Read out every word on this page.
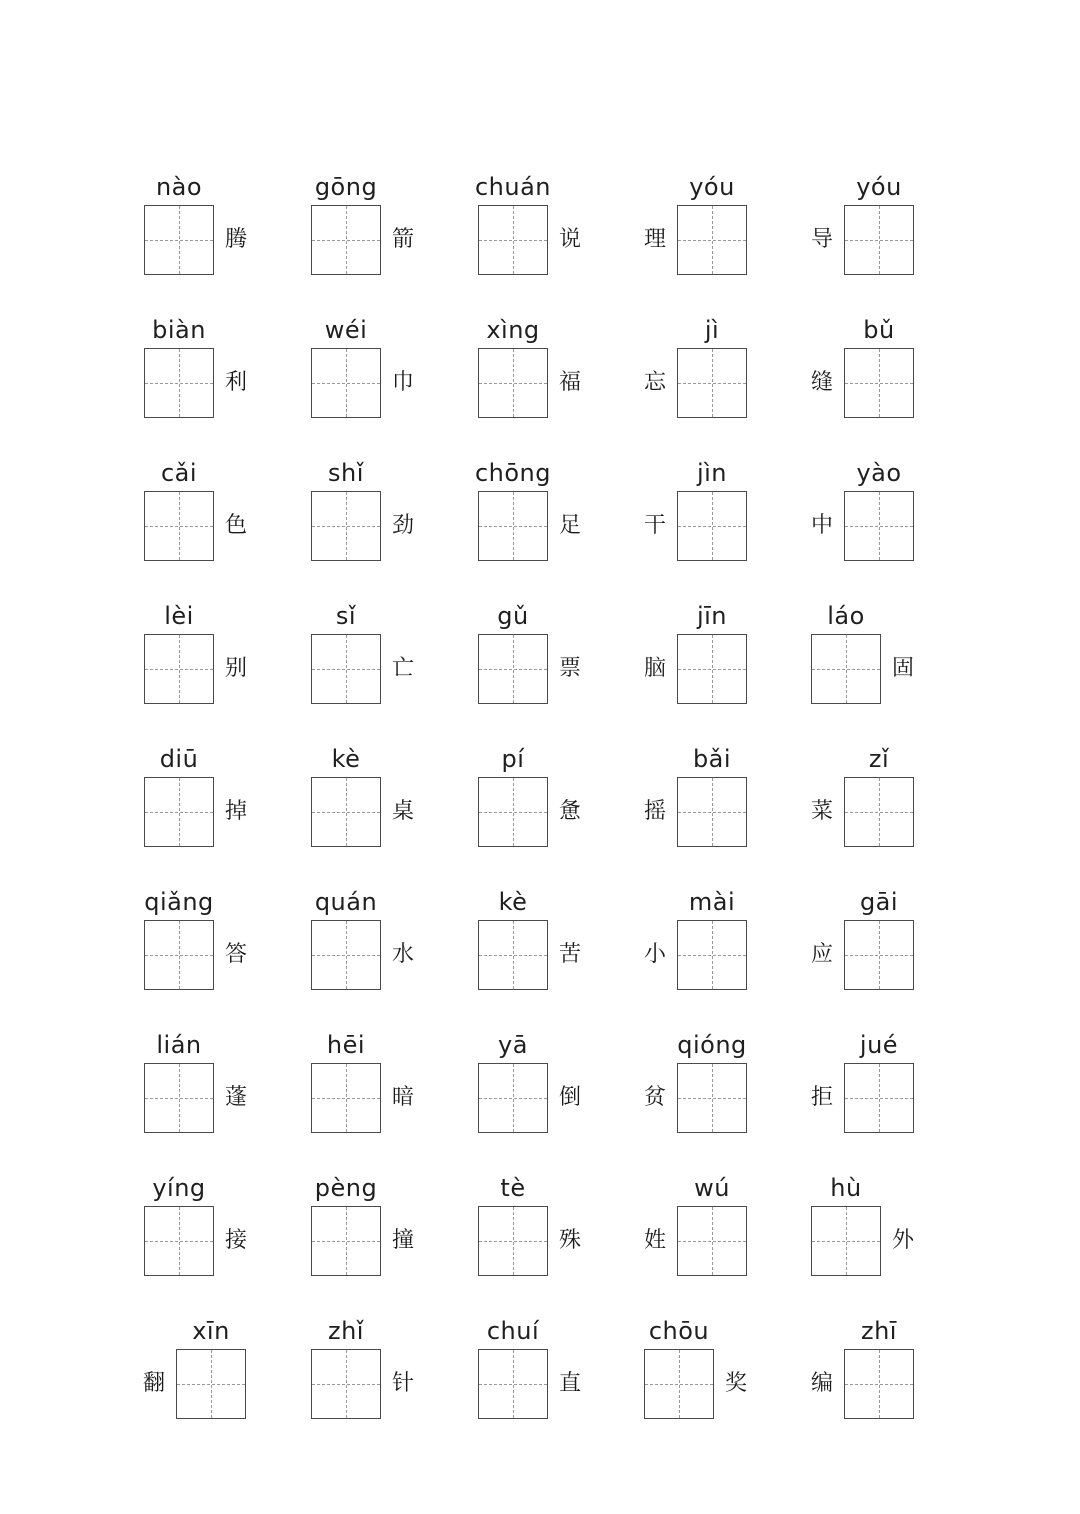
nào
腾
gōng
箭
chuán
说
yóu
理
yóu
导
biàn
利
wéi
巾
xìng
福
jì
忘
bǔ
缝
cǎi
色
shǐ
劲
chōng
足
jìn
干
yào
中
lèi
别
sǐ
亡
gǔ
票
jīn
脑
láo
固
diū
掉
kè
桌
pí
惫
bǎi
摇
zǐ
菜
qiǎng
答
quán
水
kè
苦
mài
小
gāi
应
lián
蓬
hēi
暗
yā
倒
qióng
贫
jué
拒
yíng
接
pèng
撞
tè
殊
wú
姓
hù
外
xīn
翻
zhǐ
针
chuí
直
chōu
奖
zhī
编
